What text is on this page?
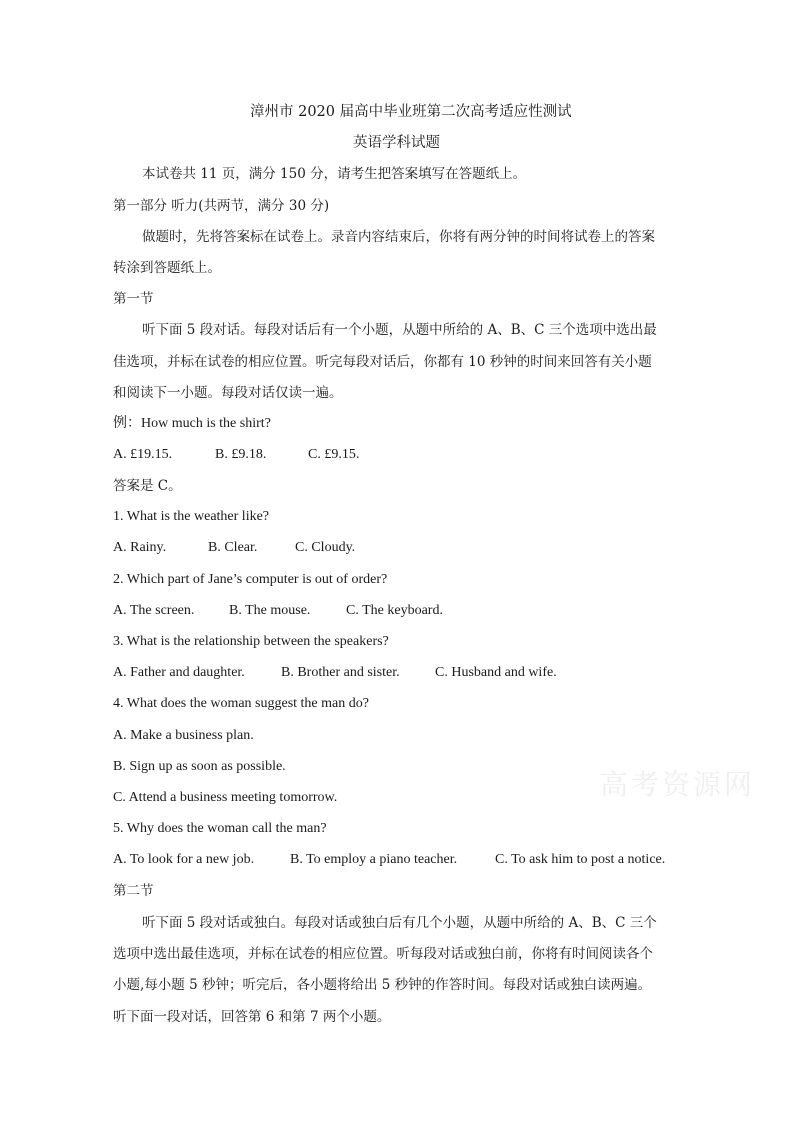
漳州市 2020 届高中毕业班第二次高考适应性测试
英语学科试题
本试卷共 11 页，满分 150 分，请考生把答案填写在答题纸上。
第一部分 听力(共两节，满分 30 分)
做题时，先将答案标在试卷上。录音内容结束后，你将有两分钟的时间将试卷上的答案
转涂到答题纸上。
第一节
听下面 5 段对话。每段对话后有一个小题，从题中所给的 A、B、C 三个选项中选出最
佳选项，并标在试卷的相应位置。听完每段对话后，你都有 10 秒钟的时间来回答有关小题
和阅读下一小题。每段对话仅读一遍。
例：How much is the shirt?
A. £19.15.	B. £9.18.	C. £9.15.
答案是 C。
1. What is the weather like?
A. Rainy.	B. Clear.	C. Cloudy.
2. Which part of Jane’s computer is out of order?
A. The screen. B. The mouse.	C. The keyboard.
3. What is the relationship between the speakers?
A. Father and daughter.	B. Brother and sister.	C. Husband and wife.
4. What does the woman suggest the man do?
A. Make a business plan.
B. Sign up as soon as possible.
C. Attend a business meeting tomorrow.
5. Why does the woman call the man?
A. To look for a new job.	B. To employ a piano teacher.	C. To ask him to post a notice.
第二节
听下面 5 段对话或独白。每段对话或独白后有几个小题，从题中所给的 A、B、C 三个
选项中选出最佳选项，并标在试卷的相应位置。听每段对话或独白前，你将有时间阅读各个
小题,每小题 5 秒钟；听完后，各小题将给出 5 秒钟的作答时间。每段对话或独白读两遍。
听下面一段对话，回答第 6 和第 7 两个小题。
高考资源网
